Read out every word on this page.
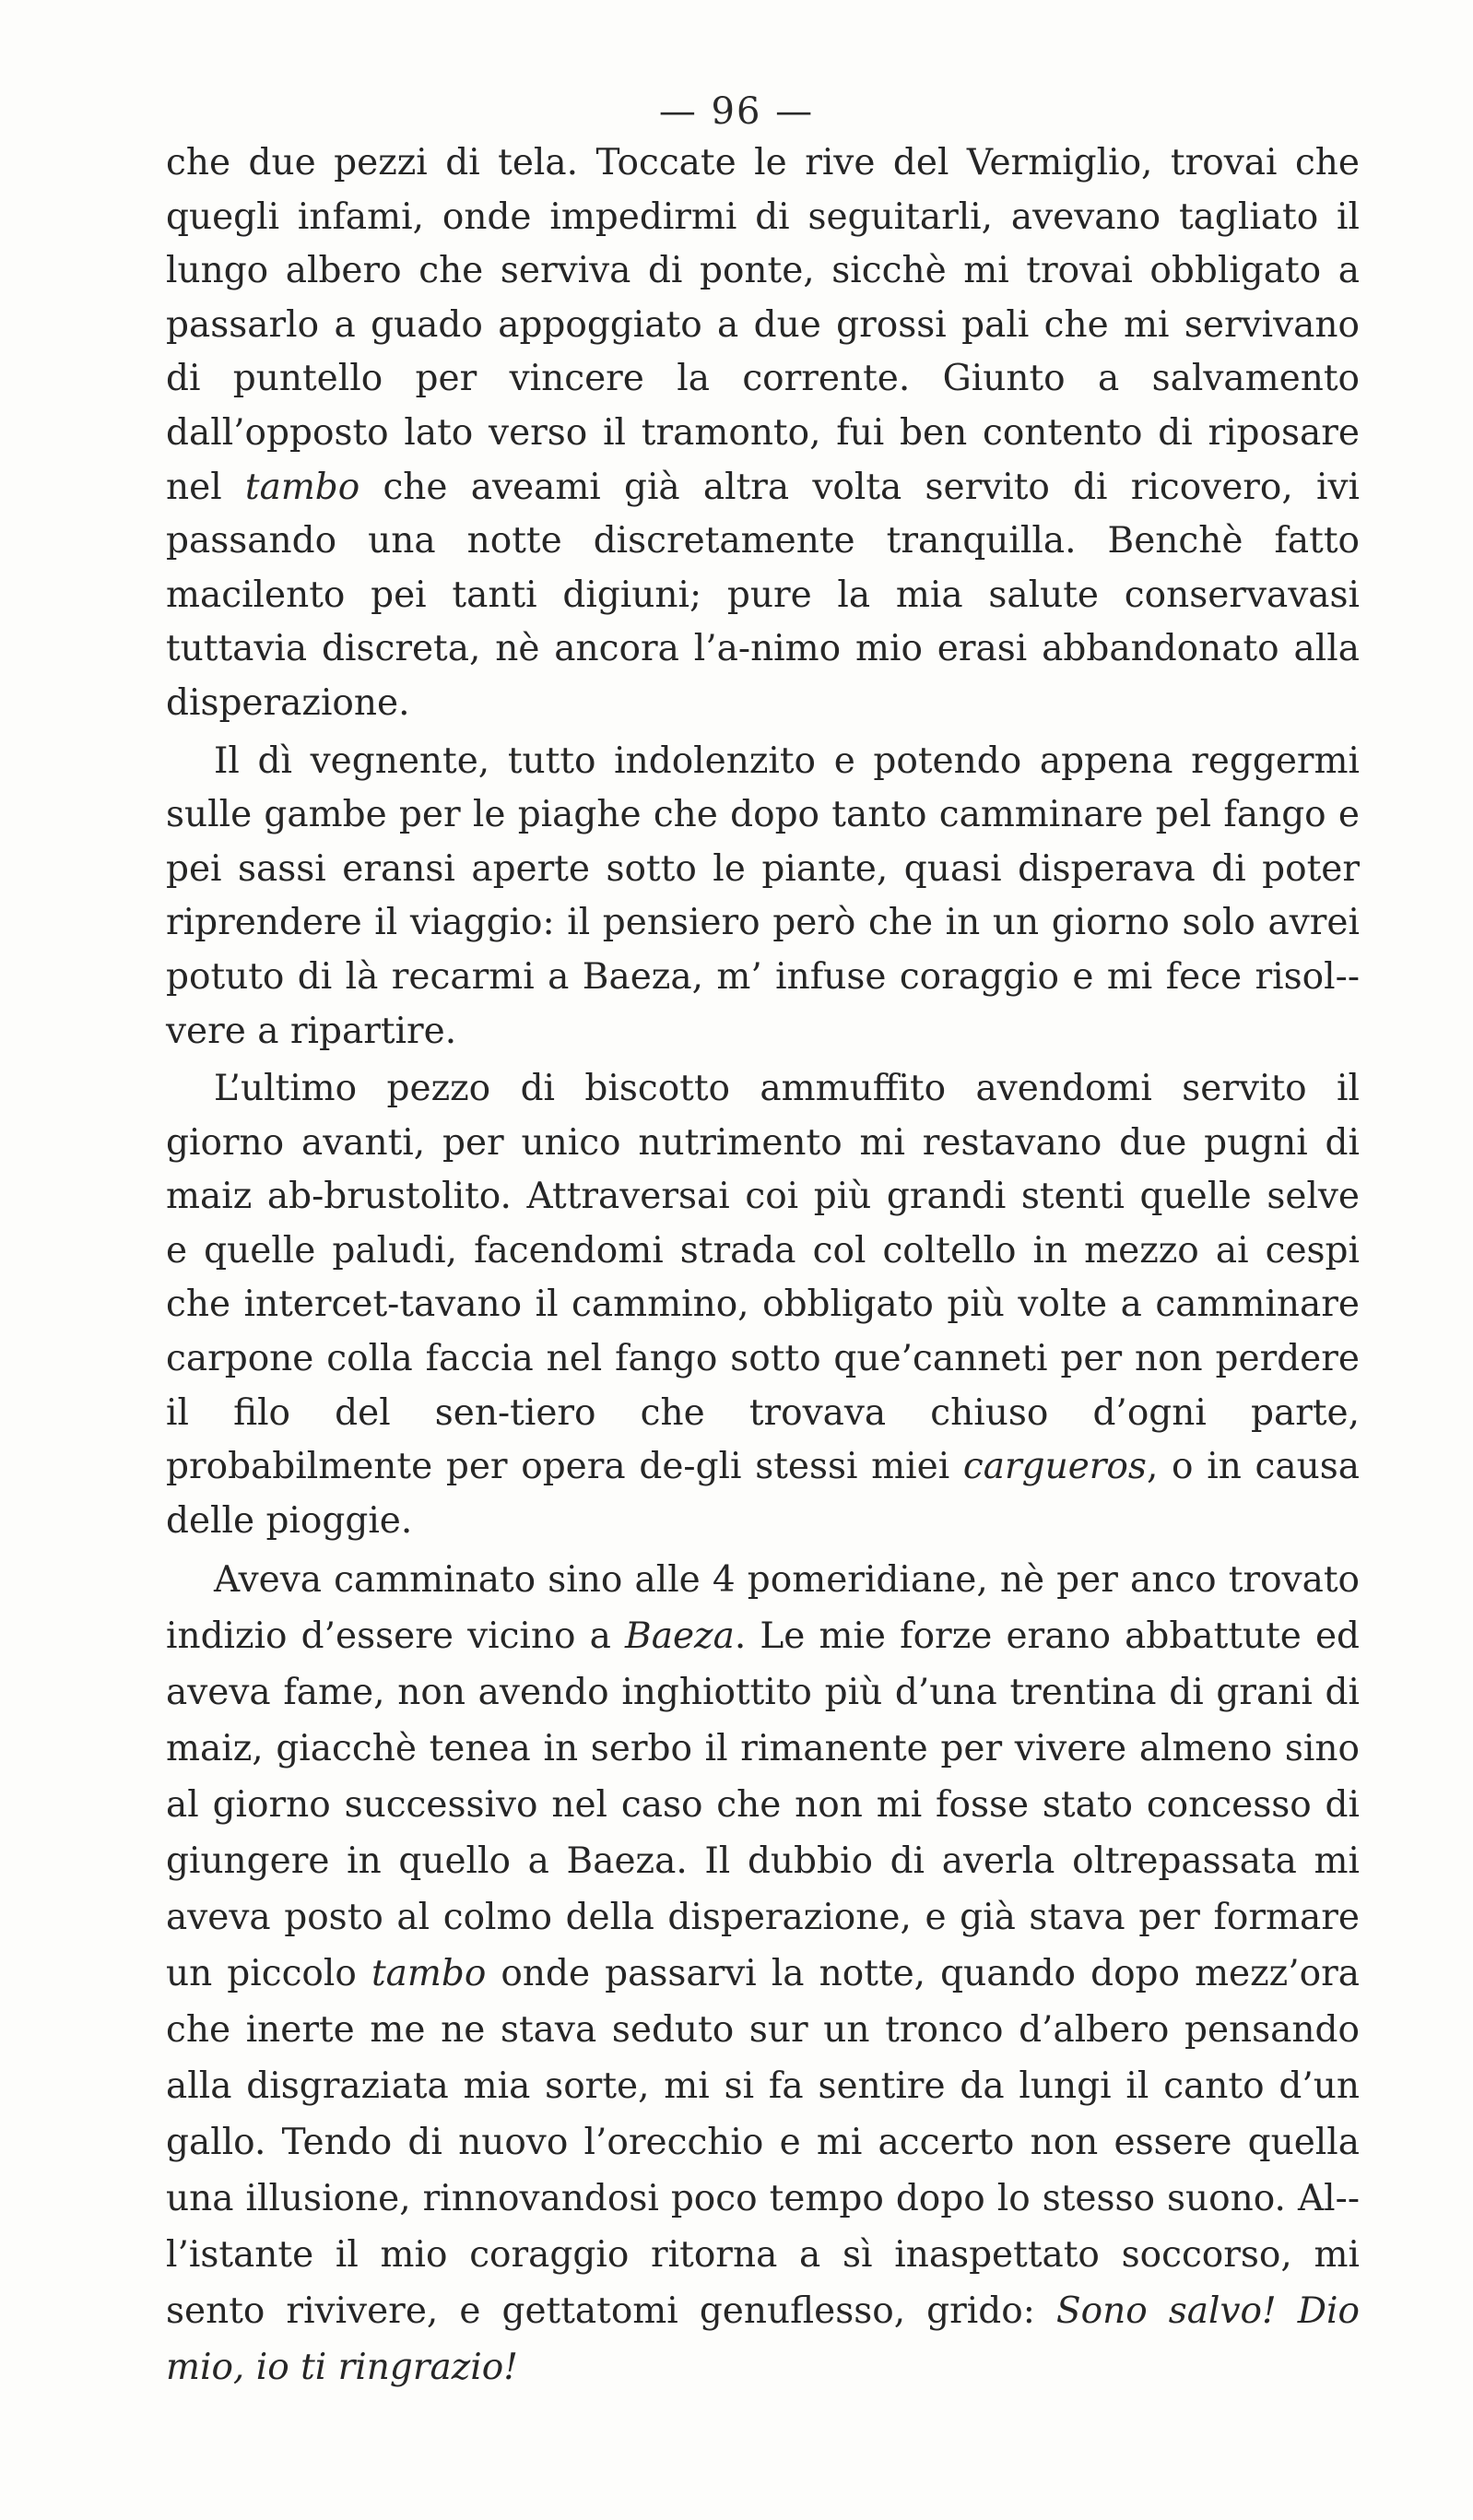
— 96 —

che due pezzi di tela. Toccate le rive del Vermiglio, trovai che quegli infami, onde impedirmi di seguitarli, avevano tagliato il lungo albero che serviva di ponte, sicchè mi trovai obbligato a passarlo a guado appoggiato a due grossi pali che mi servivano di puntello per vincere la corrente. Giunto a salvamento dall’opposto lato verso il tramonto, fui ben contento di riposare nel tambo che aveami già altra volta servito di ricovero, ivi passando una notte discretamente tranquilla. Benchè fatto macilento pei tanti digiuni; pure la mia salute conservavasi tuttavia discreta, nè ancora l’a-nimo mio erasi abbandonato alla disperazione.

Il dì vegnente, tutto indolenzito e potendo appena reggermi sulle gambe per le piaghe che dopo tanto camminare pel fango e pei sassi eransi aperte sotto le piante, quasi disperava di poter riprendere il viaggio: il pensiero però che in un giorno solo avrei potuto di là recarmi a Baeza, m’ infuse coraggio e mi fece risol-vere a ripartire.

L’ultimo pezzo di biscotto ammuffito avendomi servito il giorno avanti, per unico nutrimento mi restavano due pugni di maiz ab-brustolito. Attraversai coi più grandi stenti quelle selve e quelle paludi, facendomi strada col coltello in mezzo ai cespi che intercet-tavano il cammino, obbligato più volte a camminare carpone colla faccia nel fango sotto que’canneti per non perdere il filo del sen-tiero che trovava chiuso d’ogni parte, probabilmente per opera de-gli stessi miei cargueros, o in causa delle pioggie.

Aveva camminato sino alle 4 pomeridiane, nè per anco trovato indizio d’essere vicino a Baeza. Le mie forze erano abbattute ed aveva fame, non avendo inghiottito più d’una trentina di grani di maiz, giacchè tenea in serbo il rimanente per vivere almeno sino al giorno successivo nel caso che non mi fosse stato concesso di giungere in quello a Baeza. Il dubbio di averla oltrepassata mi aveva posto al colmo della disperazione, e già stava per formare un piccolo tambo onde passarvi la notte, quando dopo mezz’ora che inerte me ne stava seduto sur un tronco d’albero pensando alla disgraziata mia sorte, mi si fa sentire da lungi il canto d’un gallo. Tendo di nuovo l’orecchio e mi accerto non essere quella una illusione, rinnovandosi poco tempo dopo lo stesso suono. Al-l’istante il mio coraggio ritorna a sì inaspettato soccorso, mi sento rivivere, e gettatomi genuflesso, grido: Sono salvo! Dio mio, io ti ringrazio!
